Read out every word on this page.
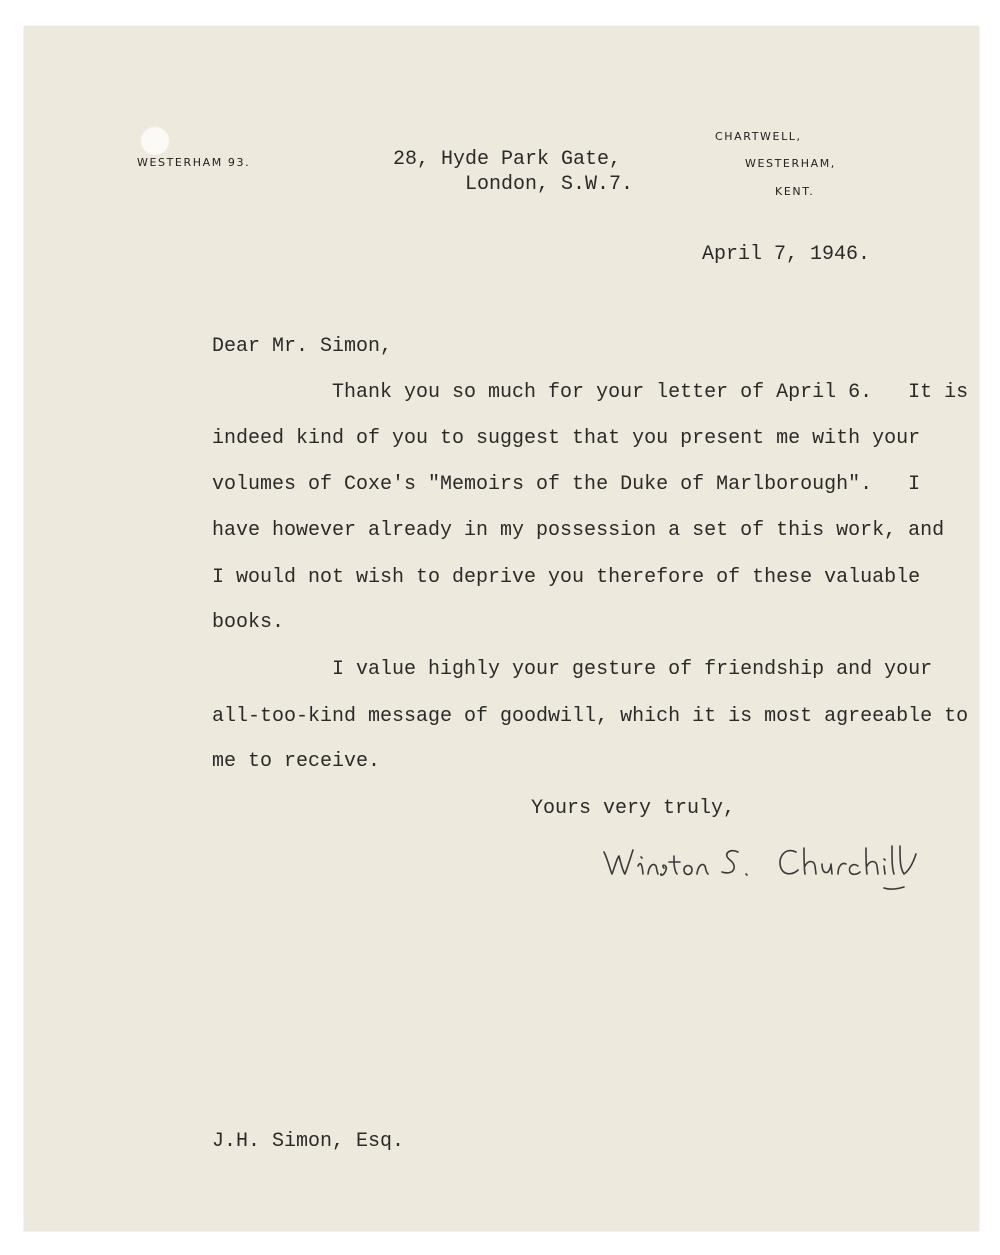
WESTERHAM 93.
CHARTWELL,
WESTERHAM,
KENT.
28, Hyde Park Gate,
London, S.W.7.
April 7, 1946.
Dear Mr. Simon,
Thank you so much for your letter of April 6.   It is
indeed kind of you to suggest that you present me with your
volumes of Coxe's "Memoirs of the Duke of Marlborough".   I
have however already in my possession a set of this work, and
I would not wish to deprive you therefore of these valuable
books.
I value highly your gesture of friendship and your
all-too-kind message of goodwill, which it is most agreeable to
me to receive.
Yours very truly,
J.H. Simon, Esq.
